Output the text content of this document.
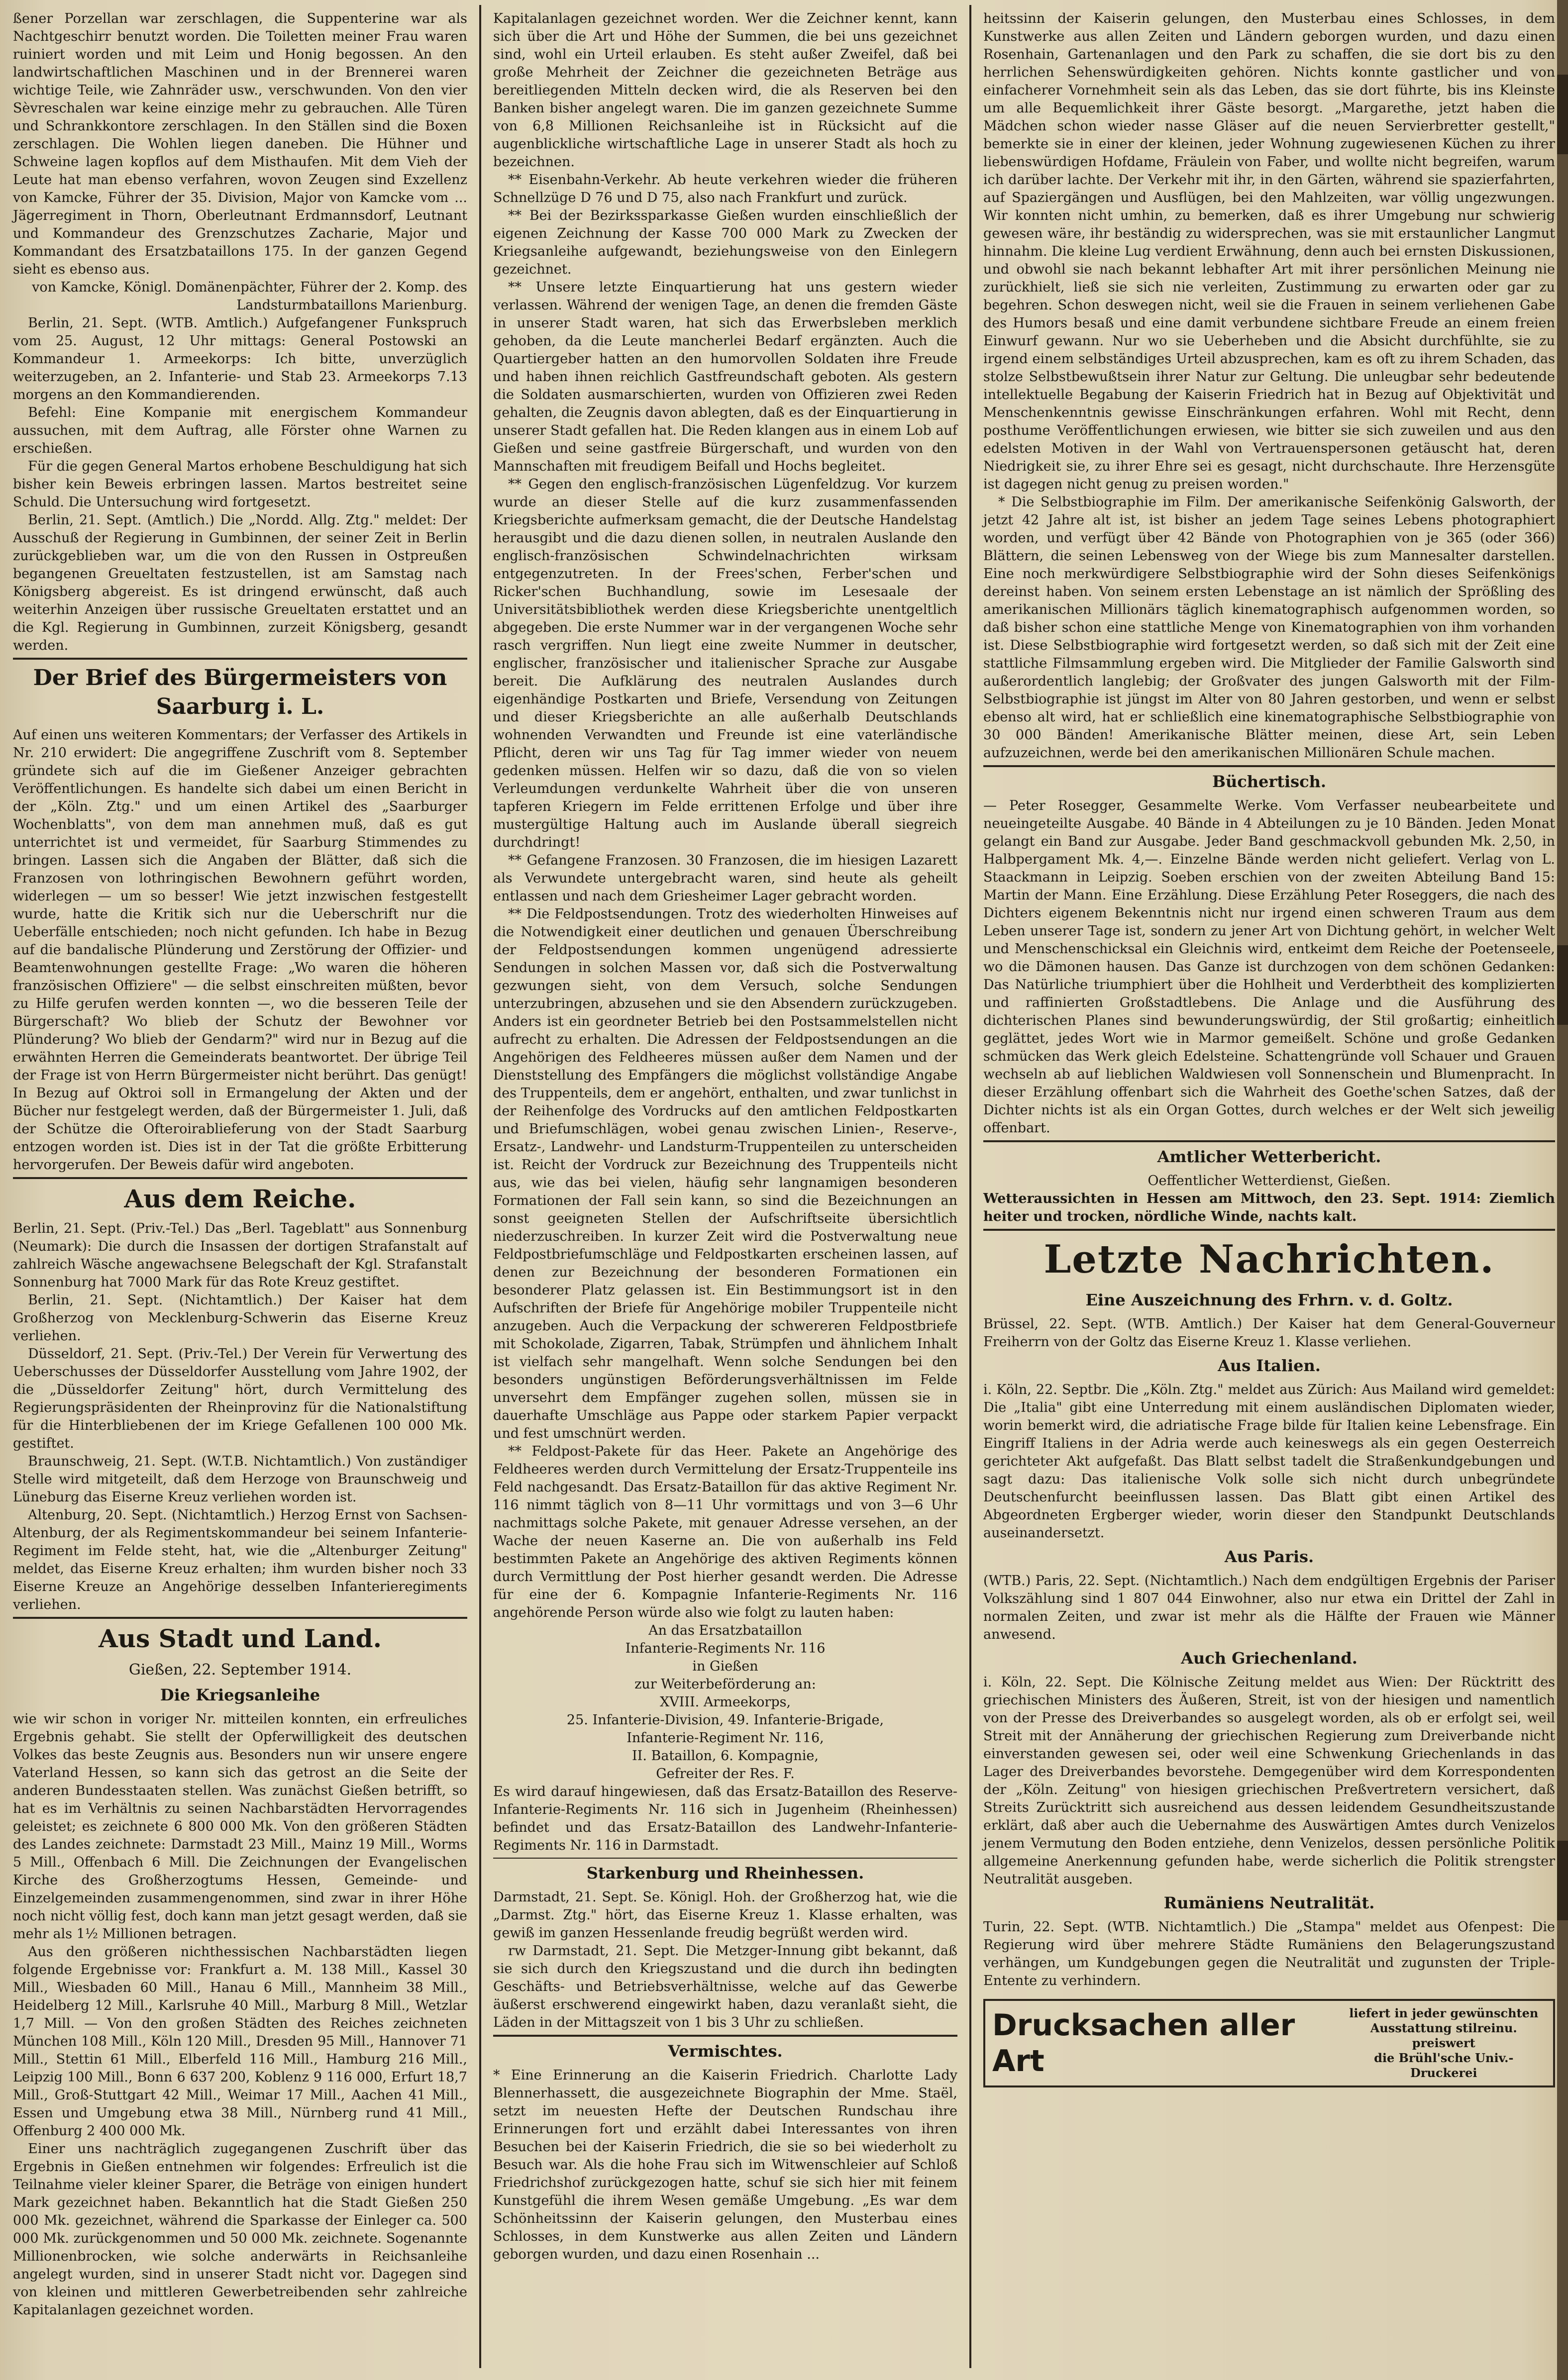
ßener Porzellan war zerschlagen, die Suppenterine war als Nachtgeschirr benutzt worden. Die Toiletten meiner Frau waren ruiniert worden und mit Leim und Honig begossen. An den landwirtschaftlichen Maschinen und in der Brennerei waren wichtige Teile, wie Zahnräder usw., verschwunden. Von den vier Sèvreschalen war keine einzige mehr zu gebrauchen. Alle Türen und Schrankkontore zerschlagen. In den Ställen sind die Boxen zerschlagen. Die Wohlen liegen daneben. Die Hühner und Schweine lagen kopflos auf dem Misthaufen. Mit dem Vieh der Leute hat man ebenso verfahren, wovon Zeugen sind Exzellenz von Kamcke, Führer der 35. Division, Major von Kamcke vom ... Jägerregiment in Thorn, Oberleutnant Erdmannsdorf, Leutnant und Kommandeur des Grenzschutzes Zacharie, Major und Kommandant des Ersatzbataillons 175. In der ganzen Gegend sieht es ebenso aus.

von Kamcke, Königl. Domänenpächter, Führer der 2. Komp. des Landsturmbataillons Marienburg.

Berlin, 21. Sept. (WTB. Amtlich.) Aufgefangener Funkspruch vom 25. August, 12 Uhr mittags: General Postowski an Kommandeur 1. Armeekorps: Ich bitte, unverzüglich weiterzugeben, an 2. Infanterie- und Stab 23. Armeekorps 7.13 morgens an den Kommandierenden.

Befehl: Eine Kompanie mit energischem Kommandeur aussuchen, mit dem Auftrag, alle Förster ohne Warnen zu erschießen.

Für die gegen General Martos erhobene Beschuldigung hat sich bisher kein Beweis erbringen lassen. Martos bestreitet seine Schuld. Die Untersuchung wird fortgesetzt.

Berlin, 21. Sept. (Amtlich.) Die „Nordd. Allg. Ztg." meldet: Der Ausschuß der Regierung in Gumbinnen, der seiner Zeit in Berlin zurückgeblieben war, um die von den Russen in Ostpreußen begangenen Greueltaten festzustellen, ist am Samstag nach Königsberg abgereist. Es ist dringend erwünscht, daß auch weiterhin Anzeigen über russische Greueltaten erstattet und an die Kgl. Regierung in Gumbinnen, zurzeit Königsberg, gesandt werden.

Der Brief des Bürgermeisters von Saarburg i. L.

Auf einen uns weiteren Kommentars; der Verfasser des Artikels in Nr. 210 erwidert: Die angegriffene Zuschrift vom 8. September gründete sich auf die im Gießener Anzeiger gebrachten Veröffentlichungen. Es handelte sich dabei um einen Bericht in der „Köln. Ztg." und um einen Artikel des „Saarburger Wochenblatts", von dem man annehmen muß, daß es gut unterrichtet ist und vermeidet, für Saarburg Stimmendes zu bringen. Lassen sich die Angaben der Blätter, daß sich die Franzosen von lothringischen Bewohnern geführt worden, widerlegen — um so besser! Wie jetzt inzwischen festgestellt wurde, hatte die Kritik sich nur die Ueberschrift nur die Ueberfälle entschieden; noch nicht gefunden. Ich habe in Bezug auf die bandalische Plünderung und Zerstörung der Offizier- und Beamtenwohnungen gestellte Frage: „Wo waren die höheren französischen Offiziere" — die selbst einschreiten müßten, bevor zu Hilfe gerufen werden konnten —, wo die besseren Teile der Bürgerschaft? Wo blieb der Schutz der Bewohner vor Plünderung? Wo blieb der Gendarm?" wird nur in Bezug auf die erwähnten Herren die Gemeinderats beantwortet. Der übrige Teil der Frage ist von Herrn Bürgermeister nicht berührt. Das genügt! In Bezug auf Oktroi soll in Ermangelung der Akten und der Bücher nur festgelegt werden, daß der Bürgermeister 1. Juli, daß der Schütze die Ofteroirablieferung von der Stadt Saarburg entzogen worden ist. Dies ist in der Tat die größte Erbitterung hervorgerufen. Der Beweis dafür wird angeboten.

Aus dem Reiche.

Berlin, 21. Sept. (Priv.-Tel.) Das „Berl. Tageblatt" aus Sonnenburg (Neumark): Die durch die Insassen der dortigen Strafanstalt auf zahlreich Wäsche angewachsene Belegschaft der Kgl. Strafanstalt Sonnenburg hat 7000 Mark für das Rote Kreuz gestiftet.

Berlin, 21. Sept. (Nichtamtlich.) Der Kaiser hat dem Großherzog von Mecklenburg-Schwerin das Eiserne Kreuz verliehen.

Düsseldorf, 21. Sept. (Priv.-Tel.) Der Verein für Verwertung des Ueberschusses der Düsseldorfer Ausstellung vom Jahre 1902, der die „Düsseldorfer Zeitung" hört, durch Vermittelung des Regierungspräsidenten der Rheinprovinz für die Nationalstiftung für die Hinterbliebenen der im Kriege Gefallenen 100 000 Mk. gestiftet.

Braunschweig, 21. Sept. (W.T.B. Nichtamtlich.) Von zuständiger Stelle wird mitgeteilt, daß dem Herzoge von Braunschweig und Lüneburg das Eiserne Kreuz verliehen worden ist.

Altenburg, 20. Sept. (Nichtamtlich.) Herzog Ernst von Sachsen-Altenburg, der als Regimentskommandeur bei seinem Infanterie-Regiment im Felde steht, hat, wie die „Altenburger Zeitung" meldet, das Eiserne Kreuz erhalten; ihm wurden bisher noch 33 Eiserne Kreuze an Angehörige desselben Infanterieregiments verliehen.

Aus Stadt und Land.
Gießen, 22. September 1914.
Die Kriegsanleihe

wie wir schon in voriger Nr. mitteilen konnten, ein erfreuliches Ergebnis gehabt. Sie stellt der Opferwilligkeit des deutschen Volkes das beste Zeugnis aus. Besonders nun wir unsere engere Vaterland Hessen, so kann sich das getrost an die Seite der anderen Bundesstaaten stellen. Was zunächst Gießen betrifft, so hat es im Verhältnis zu seinen Nachbarstädten Hervorragendes geleistet; es zeichnete 6 800 000 Mk. Von den größeren Städten des Landes zeichnete: Darmstadt 23 Mill., Mainz 19 Mill., Worms 5 Mill., Offenbach 6 Mill. Die Zeichnungen der Evangelischen Kirche des Großherzogtums Hessen, Gemeinde- und Einzelgemeinden zusammengenommen, sind zwar in ihrer Höhe noch nicht völlig fest, doch kann man jetzt gesagt werden, daß sie mehr als 1½ Millionen betragen.

Aus den größeren nichthessischen Nachbarstädten liegen folgende Ergebnisse vor: Frankfurt a. M. 138 Mill., Kassel 30 Mill., Wiesbaden 60 Mill., Hanau 6 Mill., Mannheim 38 Mill., Heidelberg 12 Mill., Karlsruhe 40 Mill., Marburg 8 Mill., Wetzlar 1,7 Mill. — Von den großen Städten des Reiches zeichneten München 108 Mill., Köln 120 Mill., Dresden 95 Mill., Hannover 71 Mill., Stettin 61 Mill., Elberfeld 116 Mill., Hamburg 216 Mill., Leipzig 100 Mill., Bonn 6 637 200, Koblenz 9 116 000, Erfurt 18,7 Mill., Groß-Stuttgart 42 Mill., Weimar 17 Mill., Aachen 41 Mill., Essen und Umgebung etwa 38 Mill., Nürnberg rund 41 Mill., Offenburg 2 400 000 Mk.

Einer uns nachträglich zugegangenen Zuschrift über das Ergebnis in Gießen entnehmen wir folgendes: Erfreulich ist die Teilnahme vieler kleiner Sparer, die Beträge von einigen hundert Mark gezeichnet haben. Bekanntlich hat die Stadt Gießen 250 000 Mk. gezeichnet, während die Sparkasse der Einleger ca. 500 000 Mk. zurückgenommen und 50 000 Mk. zeichnete. Sogenannte Millionenbrocken, wie solche anderwärts in Reichsanleihe angelegt wurden, sind in unserer Stadt nicht vor. Dagegen sind von kleinen und mittleren Gewerbetreibenden sehr zahlreiche Kapitalanlagen gezeichnet worden.

Kapitalanlagen gezeichnet worden. Wer die Zeichner kennt, kann sich über die Art und Höhe der Summen, die bei uns gezeichnet sind, wohl ein Urteil erlauben. Es steht außer Zweifel, daß bei große Mehrheit der Zeichner die gezeichneten Beträge aus bereitliegenden Mitteln decken wird, die als Reserven bei den Banken bisher angelegt waren. Die im ganzen gezeichnete Summe von 6,8 Millionen Reichsanleihe ist in Rücksicht auf die augenblickliche wirtschaftliche Lage in unserer Stadt als hoch zu bezeichnen.

** Eisenbahn-Verkehr. Ab heute verkehren wieder die früheren Schnellzüge D 76 und D 75, also nach Frankfurt und zurück.

** Bei der Bezirkssparkasse Gießen wurden einschließlich der eigenen Zeichnung der Kasse 700 000 Mark zu Zwecken der Kriegsanleihe aufgewandt, beziehungsweise von den Einlegern gezeichnet.

** Unsere letzte Einquartierung hat uns gestern wieder verlassen. Während der wenigen Tage, an denen die fremden Gäste in unserer Stadt waren, hat sich das Erwerbsleben merklich gehoben, da die Leute mancherlei Bedarf ergänzten. Auch die Quartiergeber hatten an den humorvollen Soldaten ihre Freude und haben ihnen reichlich Gastfreundschaft geboten. Als gestern die Soldaten ausmarschierten, wurden von Offizieren zwei Reden gehalten, die Zeugnis davon ablegten, daß es der Einquartierung in unserer Stadt gefallen hat. Die Reden klangen aus in einem Lob auf Gießen und seine gastfreie Bürgerschaft, und wurden von den Mannschaften mit freudigem Beifall und Hochs begleitet.

** Gegen den englisch-französischen Lügenfeldzug. Vor kurzem wurde an dieser Stelle auf die kurz zusammenfassenden Kriegsberichte aufmerksam gemacht, die der Deutsche Handelstag herausgibt und die dazu dienen sollen, in neutralen Auslande den englisch-französischen Schwindelnachrichten wirksam entgegenzutreten. In der Frees'schen, Ferber'schen und Ricker'schen Buchhandlung, sowie im Lesesaale der Universitätsbibliothek werden diese Kriegsberichte unentgeltlich abgegeben. Die erste Nummer war in der vergangenen Woche sehr rasch vergriffen. Nun liegt eine zweite Nummer in deutscher, englischer, französischer und italienischer Sprache zur Ausgabe bereit. Die Aufklärung des neutralen Auslandes durch eigenhändige Postkarten und Briefe, Versendung von Zeitungen und dieser Kriegsberichte an alle außerhalb Deutschlands wohnenden Verwandten und Freunde ist eine vaterländische Pflicht, deren wir uns Tag für Tag immer wieder von neuem gedenken müssen. Helfen wir so dazu, daß die von so vielen Verleumdungen verdunkelte Wahrheit über die von unseren tapferen Kriegern im Felde errittenen Erfolge und über ihre mustergültige Haltung auch im Auslande überall siegreich durchdringt!

** Gefangene Franzosen. 30 Franzosen, die im hiesigen Lazarett als Verwundete untergebracht waren, sind heute als geheilt entlassen und nach dem Griesheimer Lager gebracht worden.

** Die Feldpostsendungen. Trotz des wiederholten Hinweises auf die Notwendigkeit einer deutlichen und genauen Überschreibung der Feldpostsendungen kommen ungenügend adressierte Sendungen in solchen Massen vor, daß sich die Postverwaltung gezwungen sieht, von dem Versuch, solche Sendungen unterzubringen, abzusehen und sie den Absendern zurückzugeben. Anders ist ein geordneter Betrieb bei den Postsammelstellen nicht aufrecht zu erhalten. Die Adressen der Feldpostsendungen an die Angehörigen des Feldheeres müssen außer dem Namen und der Dienststellung des Empfängers die möglichst vollständige Angabe des Truppenteils, dem er angehört, enthalten, und zwar tunlichst in der Reihenfolge des Vordrucks auf den amtlichen Feldpostkarten und Briefumschlägen, wobei genau zwischen Linien-, Reserve-, Ersatz-, Landwehr- und Landsturm-Truppenteilen zu unterscheiden ist. Reicht der Vordruck zur Bezeichnung des Truppenteils nicht aus, wie das bei vielen, häufig sehr langnamigen besonderen Formationen der Fall sein kann, so sind die Bezeichnungen an sonst geeigneten Stellen der Aufschriftseite übersichtlich niederzuschreiben. In kurzer Zeit wird die Postverwaltung neue Feldpostbriefumschläge und Feldpostkarten erscheinen lassen, auf denen zur Bezeichnung der besonderen Formationen ein besonderer Platz gelassen ist. Ein Bestimmungsort ist in den Aufschriften der Briefe für Angehörige mobiler Truppenteile nicht anzugeben. Auch die Verpackung der schwereren Feldpostbriefe mit Schokolade, Zigarren, Tabak, Strümpfen und ähnlichem Inhalt ist vielfach sehr mangelhaft. Wenn solche Sendungen bei den besonders ungünstigen Beförderungsverhältnissen im Felde unversehrt dem Empfänger zugehen sollen, müssen sie in dauerhafte Umschläge aus Pappe oder starkem Papier verpackt und fest umschnürt werden.

** Feldpost-Pakete für das Heer. Pakete an Angehörige des Feldheeres werden durch Vermittelung der Ersatz-Truppenteile ins Feld nachgesandt. Das Ersatz-Bataillon für das aktive Regiment Nr. 116 nimmt täglich von 8—11 Uhr vormittags und von 3—6 Uhr nachmittags solche Pakete, mit genauer Adresse versehen, an der Wache der neuen Kaserne an. Die von außerhalb ins Feld bestimmten Pakete an Angehörige des aktiven Regiments können durch Vermittlung der Post hierher gesandt werden. Die Adresse für eine der 6. Kompagnie Infanterie-Regiments Nr. 116 angehörende Person würde also wie folgt zu lauten haben:

An das Ersatzbataillon

Infanterie-Regiments Nr. 116

in Gießen

zur Weiterbeförderung an:

XVIII. Armeekorps,

25. Infanterie-Division, 49. Infanterie-Brigade,

Infanterie-Regiment Nr. 116,

II. Bataillon, 6. Kompagnie,

Gefreiter der Res. F.

Es wird darauf hingewiesen, daß das Ersatz-Bataillon des Reserve-Infanterie-Regiments Nr. 116 sich in Jugenheim (Rheinhessen) befindet und das Ersatz-Bataillon des Landwehr-Infanterie-Regiments Nr. 116 in Darmstadt.

Starkenburg und Rheinhessen.

Darmstadt, 21. Sept. Se. Königl. Hoh. der Großherzog hat, wie die „Darmst. Ztg." hört, das Eiserne Kreuz 1. Klasse erhalten, was gewiß im ganzen Hessenlande freudig begrüßt werden wird.

rw Darmstadt, 21. Sept. Die Metzger-Innung gibt bekannt, daß sie sich durch den Kriegszustand und die durch ihn bedingten Geschäfts- und Betriebsverhältnisse, welche auf das Gewerbe äußerst erschwerend eingewirkt haben, dazu veranlaßt sieht, die Läden in der Mittagszeit von 1 bis 3 Uhr zu schließen.

Vermischtes.

* Eine Erinnerung an die Kaiserin Friedrich. Charlotte Lady Blennerhassett, die ausgezeichnete Biographin der Mme. Staël, setzt im neuesten Hefte der Deutschen Rundschau ihre Erinnerungen fort und erzählt dabei Interessantes von ihren Besuchen bei der Kaiserin Friedrich, die sie so bei wiederholt zu Besuch war. Als die hohe Frau sich im Witwenschleier auf Schloß Friedrichshof zurückgezogen hatte, schuf sie sich hier mit feinem Kunstgefühl die ihrem Wesen gemäße Umgebung. „Es war dem Schönheitssinn der Kaiserin gelungen, den Musterbau eines Schlosses, in dem Kunstwerke aus allen Zeiten und Ländern geborgen wurden, und dazu einen Rosenhain ...

heitssinn der Kaiserin gelungen, den Musterbau eines Schlosses, in dem Kunstwerke aus allen Zeiten und Ländern geborgen wurden, und dazu einen Rosenhain, Gartenanlagen und den Park zu schaffen, die sie dort bis zu den herrlichen Sehenswürdigkeiten gehören. Nichts konnte gastlicher und von einfacherer Vornehmheit sein als das Leben, das sie dort führte, bis ins Kleinste um alle Bequemlichkeit ihrer Gäste besorgt. „Margarethe, jetzt haben die Mädchen schon wieder nasse Gläser auf die neuen Servierbretter gestellt," bemerkte sie in einer der kleinen, jeder Wohnung zugewiesenen Küchen zu ihrer liebenswürdigen Hofdame, Fräulein von Faber, und wollte nicht begreifen, warum ich darüber lachte. Der Verkehr mit ihr, in den Gärten, während sie spazierfahrten, auf Spaziergängen und Ausflügen, bei den Mahlzeiten, war völlig ungezwungen. Wir konnten nicht umhin, zu bemerken, daß es ihrer Umgebung nur schwierig gewesen wäre, ihr beständig zu widersprechen, was sie mit erstaunlicher Langmut hinnahm. Die kleine Lug verdient Erwähnung, denn auch bei ernsten Diskussionen, und obwohl sie nach bekannt lebhafter Art mit ihrer persönlichen Meinung nie zurückhielt, ließ sie sich nie verleiten, Zustimmung zu erwarten oder gar zu begehren. Schon deswegen nicht, weil sie die Frauen in seinem verliehenen Gabe des Humors besaß und eine damit verbundene sichtbare Freude an einem freien Einwurf gewann. Nur wo sie Ueberheben und die Absicht durchfühlte, sie zu irgend einem selbständiges Urteil abzusprechen, kam es oft zu ihrem Schaden, das stolze Selbstbewußtsein ihrer Natur zur Geltung. Die unleugbar sehr bedeutende intellektuelle Begabung der Kaiserin Friedrich hat in Bezug auf Objektivität und Menschenkenntnis gewisse Einschränkungen erfahren. Wohl mit Recht, denn posthume Veröffentlichungen erwiesen, wie bitter sie sich zuweilen und aus den edelsten Motiven in der Wahl von Vertrauenspersonen getäuscht hat, deren Niedrigkeit sie, zu ihrer Ehre sei es gesagt, nicht durchschaute. Ihre Herzensgüte ist dagegen nicht genug zu preisen worden."

* Die Selbstbiographie im Film. Der amerikanische Seifenkönig Galsworth, der jetzt 42 Jahre alt ist, ist bisher an jedem Tage seines Lebens photographiert worden, und verfügt über 42 Bände von Photographien von je 365 (oder 366) Blättern, die seinen Lebensweg von der Wiege bis zum Mannesalter darstellen. Eine noch merkwürdigere Selbstbiographie wird der Sohn dieses Seifenkönigs dereinst haben. Von seinem ersten Lebenstage an ist nämlich der Sprößling des amerikanischen Millionärs täglich kinematographisch aufgenommen worden, so daß bisher schon eine stattliche Menge von Kinematographien von ihm vorhanden ist. Diese Selbstbiographie wird fortgesetzt werden, so daß sich mit der Zeit eine stattliche Filmsammlung ergeben wird. Die Mitglieder der Familie Galsworth sind außerordentlich langlebig; der Großvater des jungen Galsworth mit der Film-Selbstbiographie ist jüngst im Alter von 80 Jahren gestorben, und wenn er selbst ebenso alt wird, hat er schließlich eine kinematographische Selbstbiographie von 30 000 Bänden! Amerikanische Blätter meinen, diese Art, sein Leben aufzuzeichnen, werde bei den amerikanischen Millionären Schule machen.

Büchertisch.

— Peter Rosegger, Gesammelte Werke. Vom Verfasser neubearbeitete und neueingeteilte Ausgabe. 40 Bände in 4 Abteilungen zu je 10 Bänden. Jeden Monat gelangt ein Band zur Ausgabe. Jeder Band geschmackvoll gebunden Mk. 2,50, in Halbpergament Mk. 4,—. Einzelne Bände werden nicht geliefert. Verlag von L. Staackmann in Leipzig. Soeben erschien von der zweiten Abteilung Band 15: Martin der Mann. Eine Erzählung. Diese Erzählung Peter Roseggers, die nach des Dichters eigenem Bekenntnis nicht nur irgend einen schweren Traum aus dem Leben unserer Tage ist, sondern zu jener Art von Dichtung gehört, in welcher Welt und Menschenschicksal ein Gleichnis wird, entkeimt dem Reiche der Poetenseele, wo die Dämonen hausen. Das Ganze ist durchzogen von dem schönen Gedanken: Das Natürliche triumphiert über die Hohlheit und Verderbtheit des komplizierten und raffinierten Großstadtlebens. Die Anlage und die Ausführung des dichterischen Planes sind bewunderungswürdig, der Stil großartig; einheitlich geglättet, jedes Wort wie in Marmor gemeißelt. Schöne und große Gedanken schmücken das Werk gleich Edelsteine. Schattengründe voll Schauer und Grauen wechseln ab auf lieblichen Waldwiesen voll Sonnenschein und Blumenpracht. In dieser Erzählung offenbart sich die Wahrheit des Goethe'schen Satzes, daß der Dichter nichts ist als ein Organ Gottes, durch welches er der Welt sich jeweilig offenbart.

Amtlicher Wetterbericht.

Oeffentlicher Wetterdienst, Gießen.

Wetteraussichten in Hessen am Mittwoch, den 23. Sept. 1914: Ziemlich heiter und trocken, nördliche Winde, nachts kalt.

Letzte Nachrichten.
Eine Auszeichnung des Frhrn. v. d. Goltz.

Brüssel, 22. Sept. (WTB. Amtlich.) Der Kaiser hat dem General-Gouverneur Freiherrn von der Goltz das Eiserne Kreuz 1. Klasse verliehen.

Aus Italien.

i. Köln, 22. Septbr. Die „Köln. Ztg." meldet aus Zürich: Aus Mailand wird gemeldet: Die „Italia" gibt eine Unterredung mit einem ausländischen Diplomaten wieder, worin bemerkt wird, die adriatische Frage bilde für Italien keine Lebensfrage. Ein Eingriff Italiens in der Adria werde auch keineswegs als ein gegen Oesterreich gerichteter Akt aufgefaßt. Das Blatt selbst tadelt die Straßenkundgebungen und sagt dazu: Das italienische Volk solle sich nicht durch unbegründete Deutschenfurcht beeinflussen lassen. Das Blatt gibt einen Artikel des Abgeordneten Ergberger wieder, worin dieser den Standpunkt Deutschlands auseinandersetzt.

Aus Paris.

(WTB.) Paris, 22. Sept. (Nichtamtlich.) Nach dem endgültigen Ergebnis der Pariser Volkszählung sind 1 807 044 Einwohner, also nur etwa ein Drittel der Zahl in normalen Zeiten, und zwar ist mehr als die Hälfte der Frauen wie Männer anwesend.

Auch Griechenland.

i. Köln, 22. Sept. Die Kölnische Zeitung meldet aus Wien: Der Rücktritt des griechischen Ministers des Äußeren, Streit, ist von der hiesigen und namentlich von der Presse des Dreiverbandes so ausgelegt worden, als ob er erfolgt sei, weil Streit mit der Annäherung der griechischen Regierung zum Dreiverbande nicht einverstanden gewesen sei, oder weil eine Schwenkung Griechenlands in das Lager des Dreiverbandes bevorstehe. Demgegenüber wird dem Korrespondenten der „Köln. Zeitung" von hiesigen griechischen Preßvertretern versichert, daß Streits Zurücktritt sich ausreichend aus dessen leidendem Gesundheitszustande erklärt, daß aber auch die Uebernahme des Auswärtigen Amtes durch Venizelos jenem Vermutung den Boden entziehe, denn Venizelos, dessen persönliche Politik allgemeine Anerkennung gefunden habe, werde sicherlich die Politik strengster Neutralität ausgeben.

Rumäniens Neutralität.

Turin, 22. Sept. (WTB. Nichtamtlich.) Die „Stampa" meldet aus Ofenpest: Die Regierung wird über mehrere Städte Rumäniens den Belagerungszustand verhängen, um Kundgebungen gegen die Neutralität und zugunsten der Triple-Entente zu verhindern.

Drucksachen aller Art
liefert in jeder gewünschten
Ausstattung stilreinu. preiswert
die Brühl'sche Univ.-Druckerei
